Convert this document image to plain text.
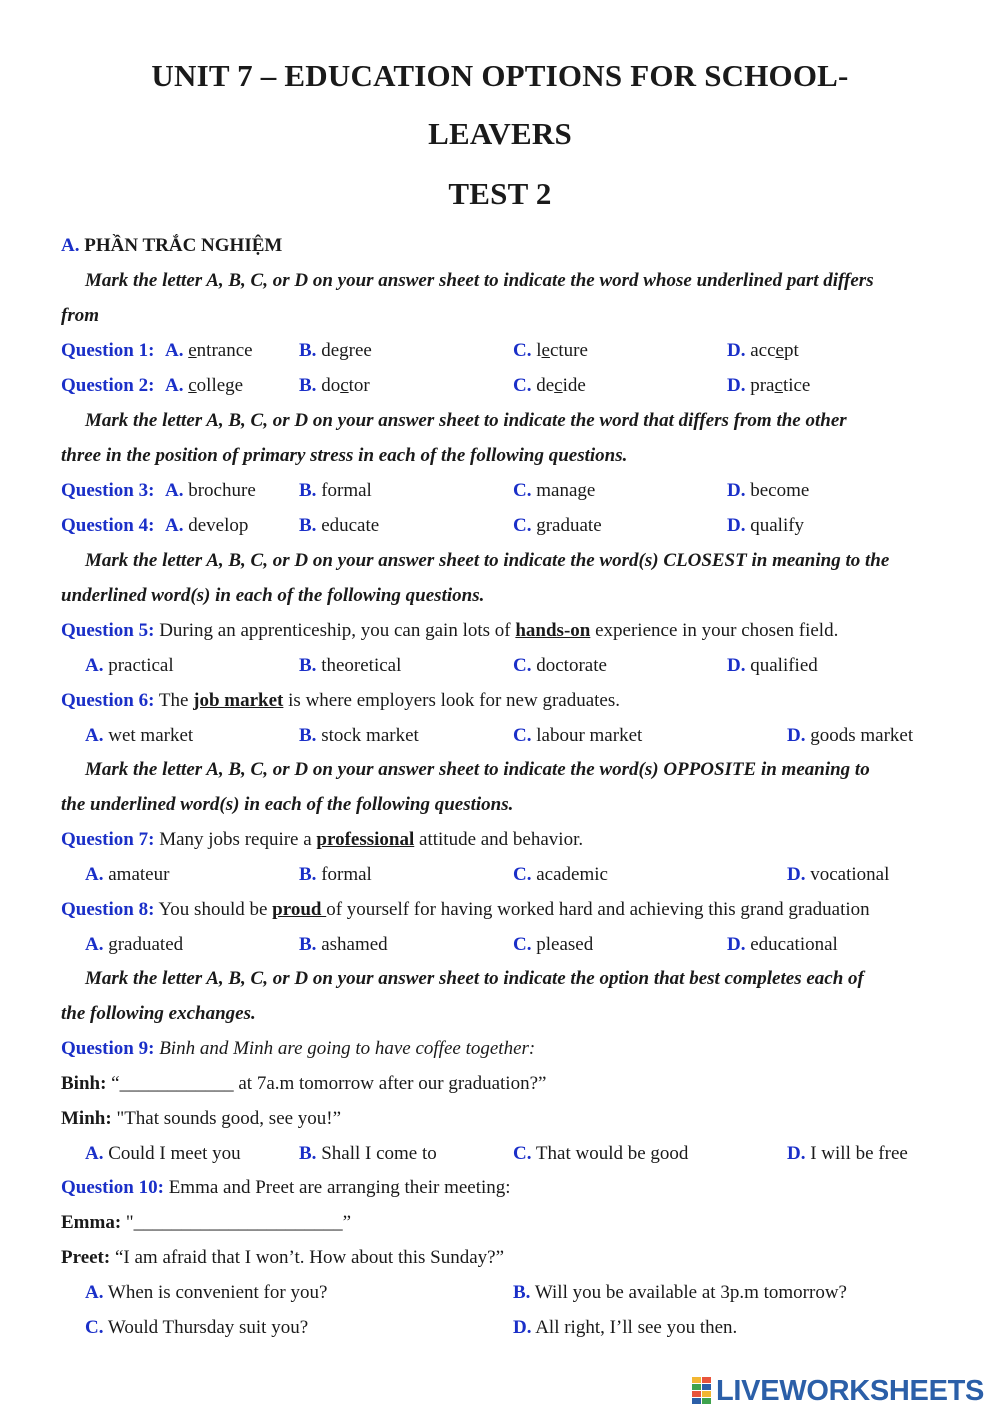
UNIT 7 – EDUCATION OPTIONS FOR SCHOOL-
LEAVERS
TEST 2
A. PHẦN TRẮC NGHIỆM
Mark the letter A, B, C, or D on your answer sheet to indicate the word whose underlined part differs
from
Question 1: A. entrance B. degree	C. lecture	D. accept
Question 2: A. college	B. doctor	C. decide	D. practice
Mark the letter A, B, C, or D on your answer sheet to indicate the word that differs from the other
three in the position of primary stress in each of the following questions.
Question 3: A. brochure B. formal	C. manage	D. become
Question 4: A. develop	B. educate	C. graduate	D. qualify
Mark the letter A, B, C, or D on your answer sheet to indicate the word(s) CLOSEST in meaning to the
underlined word(s) in each of the following questions.
Question 5: During an apprenticeship, you can gain lots of hands-on experience in your chosen field.
A. practical	B. theoretical	C. doctorate	D. qualified
Question 6: The job market is where employers look for new graduates.
A. wet market	B. stock market	C. labour market	D. goods market
Mark the letter A, B, C, or D on your answer sheet to indicate the word(s) OPPOSITE in meaning to
the underlined word(s) in each of the following questions.
Question 7: Many jobs require a professional attitude and behavior.
A. amateur	B. formal	C. academic	D. vocational
Question 8: You should be proud of yourself for having worked hard and achieving this grand graduation
A. graduated	B. ashamed	C. pleased	D. educational
Mark the letter A, B, C, or D on your answer sheet to indicate the option that best completes each of
the following exchanges.
Question 9: Binh and Minh are going to have coffee together:
Binh: “____________ at 7a.m tomorrow after our graduation?”
Minh: "That sounds good, see you!”
A. Could I meet you	B. Shall I come to	C. That would be good	D. I will be free
Question 10: Emma and Preet are arranging their meeting:
Emma: "______________________”
Preet: “I am afraid that I won’t. How about this Sunday?”
A. When is convenient for you?	B. Will you be available at 3p.m tomorrow?
C. Would Thursday suit you?	D. All right, I’ll see you then.
LIVEWORKSHEETS
